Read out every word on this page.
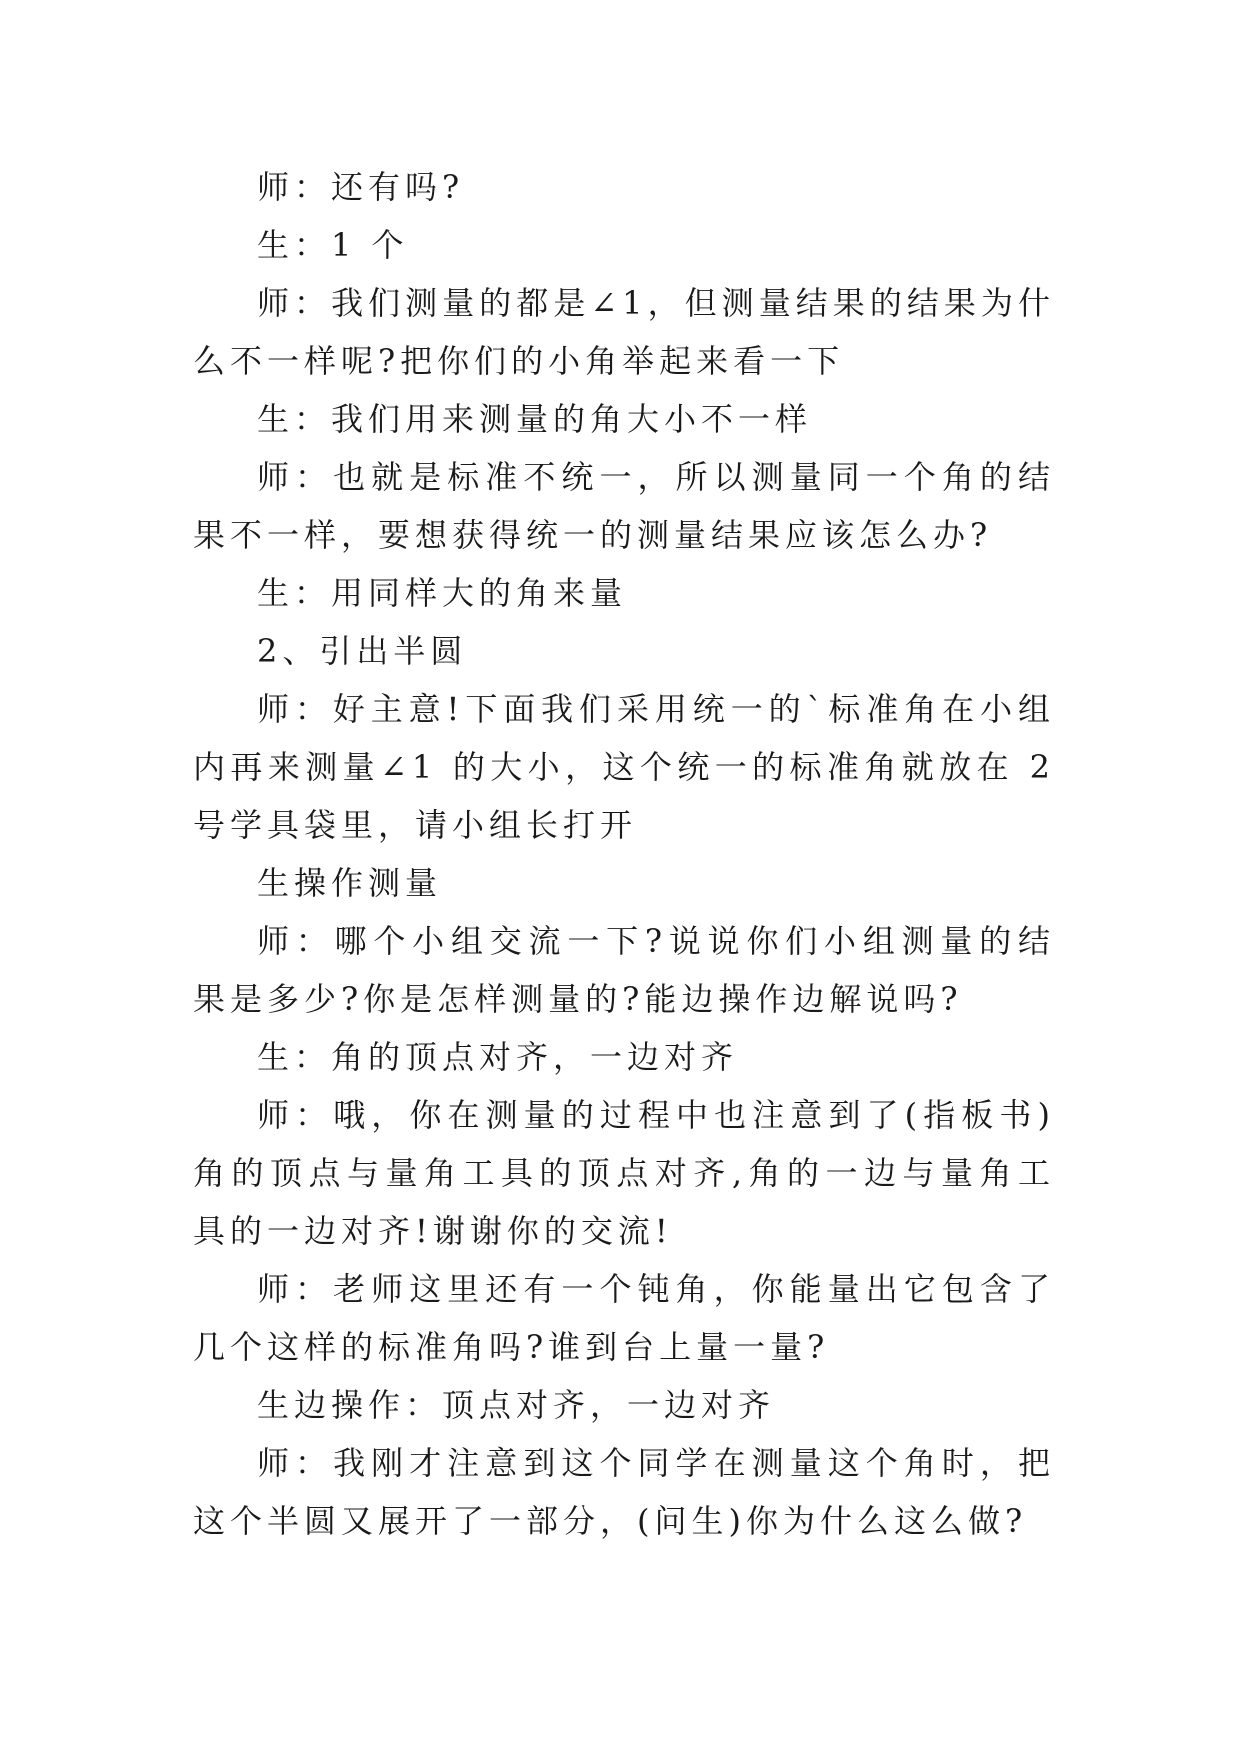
师：还有吗?

生：1 个

师：我们测量的都是∠1，但测量结果的结果为什么不一样呢?把你们的小角举起来看一下

生：我们用来测量的角大小不一样

师：也就是标准不统一，所以测量同一个角的结果不一样，要想获得统一的测量结果应该怎么办?

生：用同样大的角来量

2、引出半圆

师：好主意!下面我们采用统一的`标准角在小组内再来测量∠1 的大小，这个统一的标准角就放在 2 号学具袋里，请小组长打开

生操作测量

师：哪个小组交流一下?说说你们小组测量的结果是多少?你是怎样测量的?能边操作边解说吗?

生：角的顶点对齐，一边对齐

师：哦，你在测量的过程中也注意到了(指板书)角的顶点与量角工具的顶点对齐,角的一边与量角工具的一边对齐!谢谢你的交流!

师：老师这里还有一个钝角，你能量出它包含了几个这样的标准角吗?谁到台上量一量?

生边操作：顶点对齐，一边对齐

师：我刚才注意到这个同学在测量这个角时，把这个半圆又展开了一部分，(问生)你为什么这么做?
